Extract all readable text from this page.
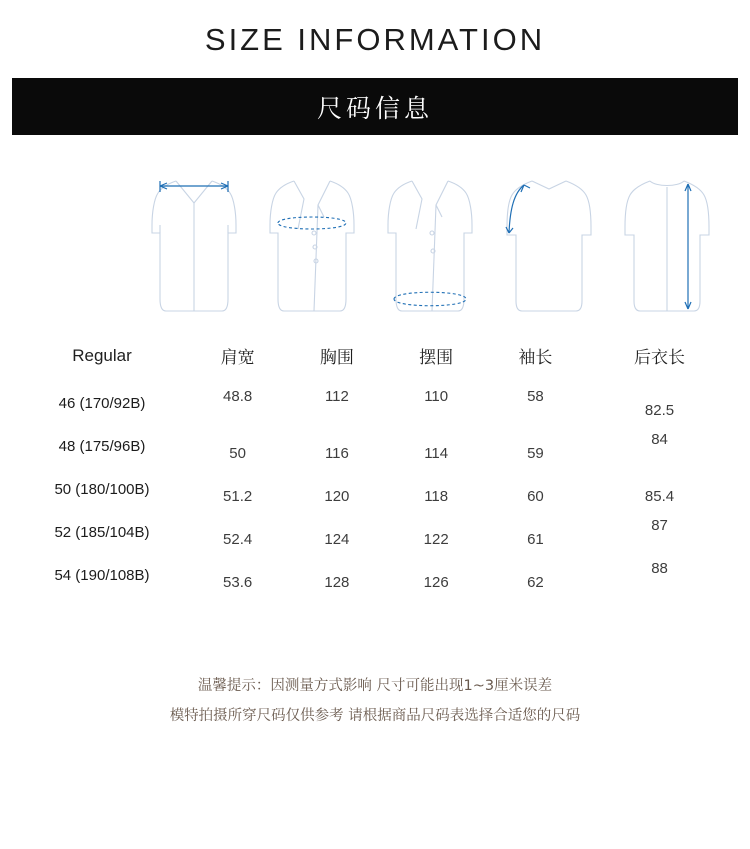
SIZE INFORMATION
尺码信息
Regular	肩宽	胸围	摆围	袖长	后衣长
46 (170/92B)	48.8	112	110	58	82.5
48 (175/96B)	50	116	114	59	84
50 (180/100B)	51.2	120	118	60	85.4
52 (185/104B)	52.4	124	122	61	87
54 (190/108B)	53.6	128	126	62	88
温馨提示：因测量方式影响 尺寸可能出现1~3厘米误差
模特拍摄所穿尺码仅供参考 请根据商品尺码表选择合适您的尺码
